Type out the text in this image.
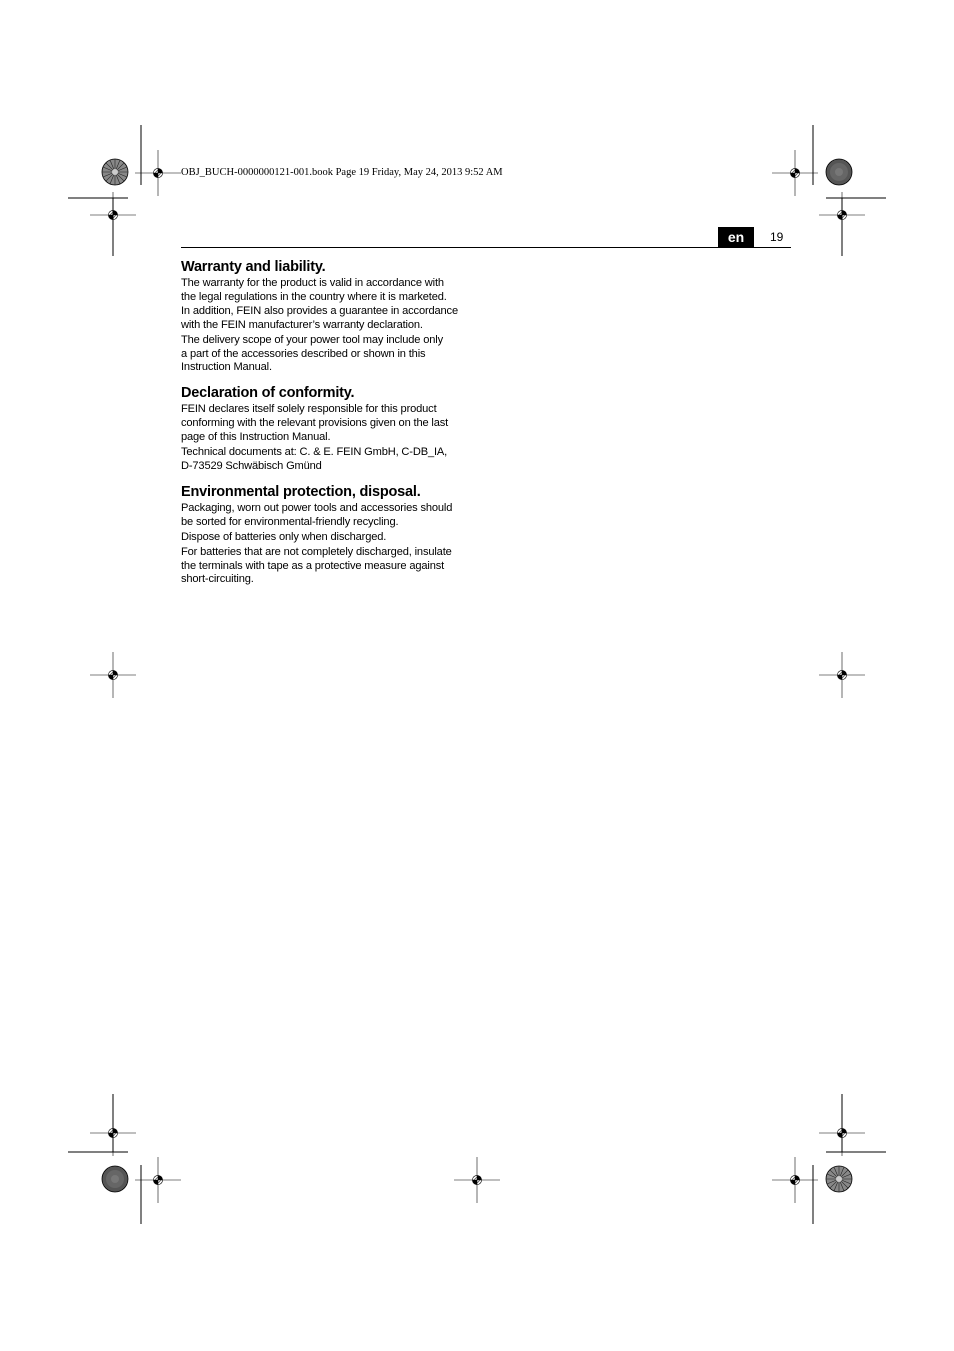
OBJ_BUCH-0000000121-001.book Page 19 Friday, May 24, 2013 9:52 AM
en	19
Warranty and liability.

The warranty for the product is valid in accordance with
the legal regulations in the country where it is marketed.
In addition, FEIN also provides a guarantee in accordance
with the FEIN manufacturer’s warranty declaration.

The delivery scope of your power tool may include only
a part of the accessories described or shown in this
Instruction Manual.

Declaration of conformity.

FEIN declares itself solely responsible for this product
conforming with the relevant provisions given on the last
page of this Instruction Manual.

Technical documents at: C. & E. FEIN GmbH, C-DB_IA,
D-73529 Schwäbisch Gmünd

Environmental protection, disposal.

Packaging, worn out power tools and accessories should
be sorted for environmental-friendly recycling.

Dispose of batteries only when discharged.

For batteries that are not completely discharged, insulate
the terminals with tape as a protective measure against
short-circuiting.
